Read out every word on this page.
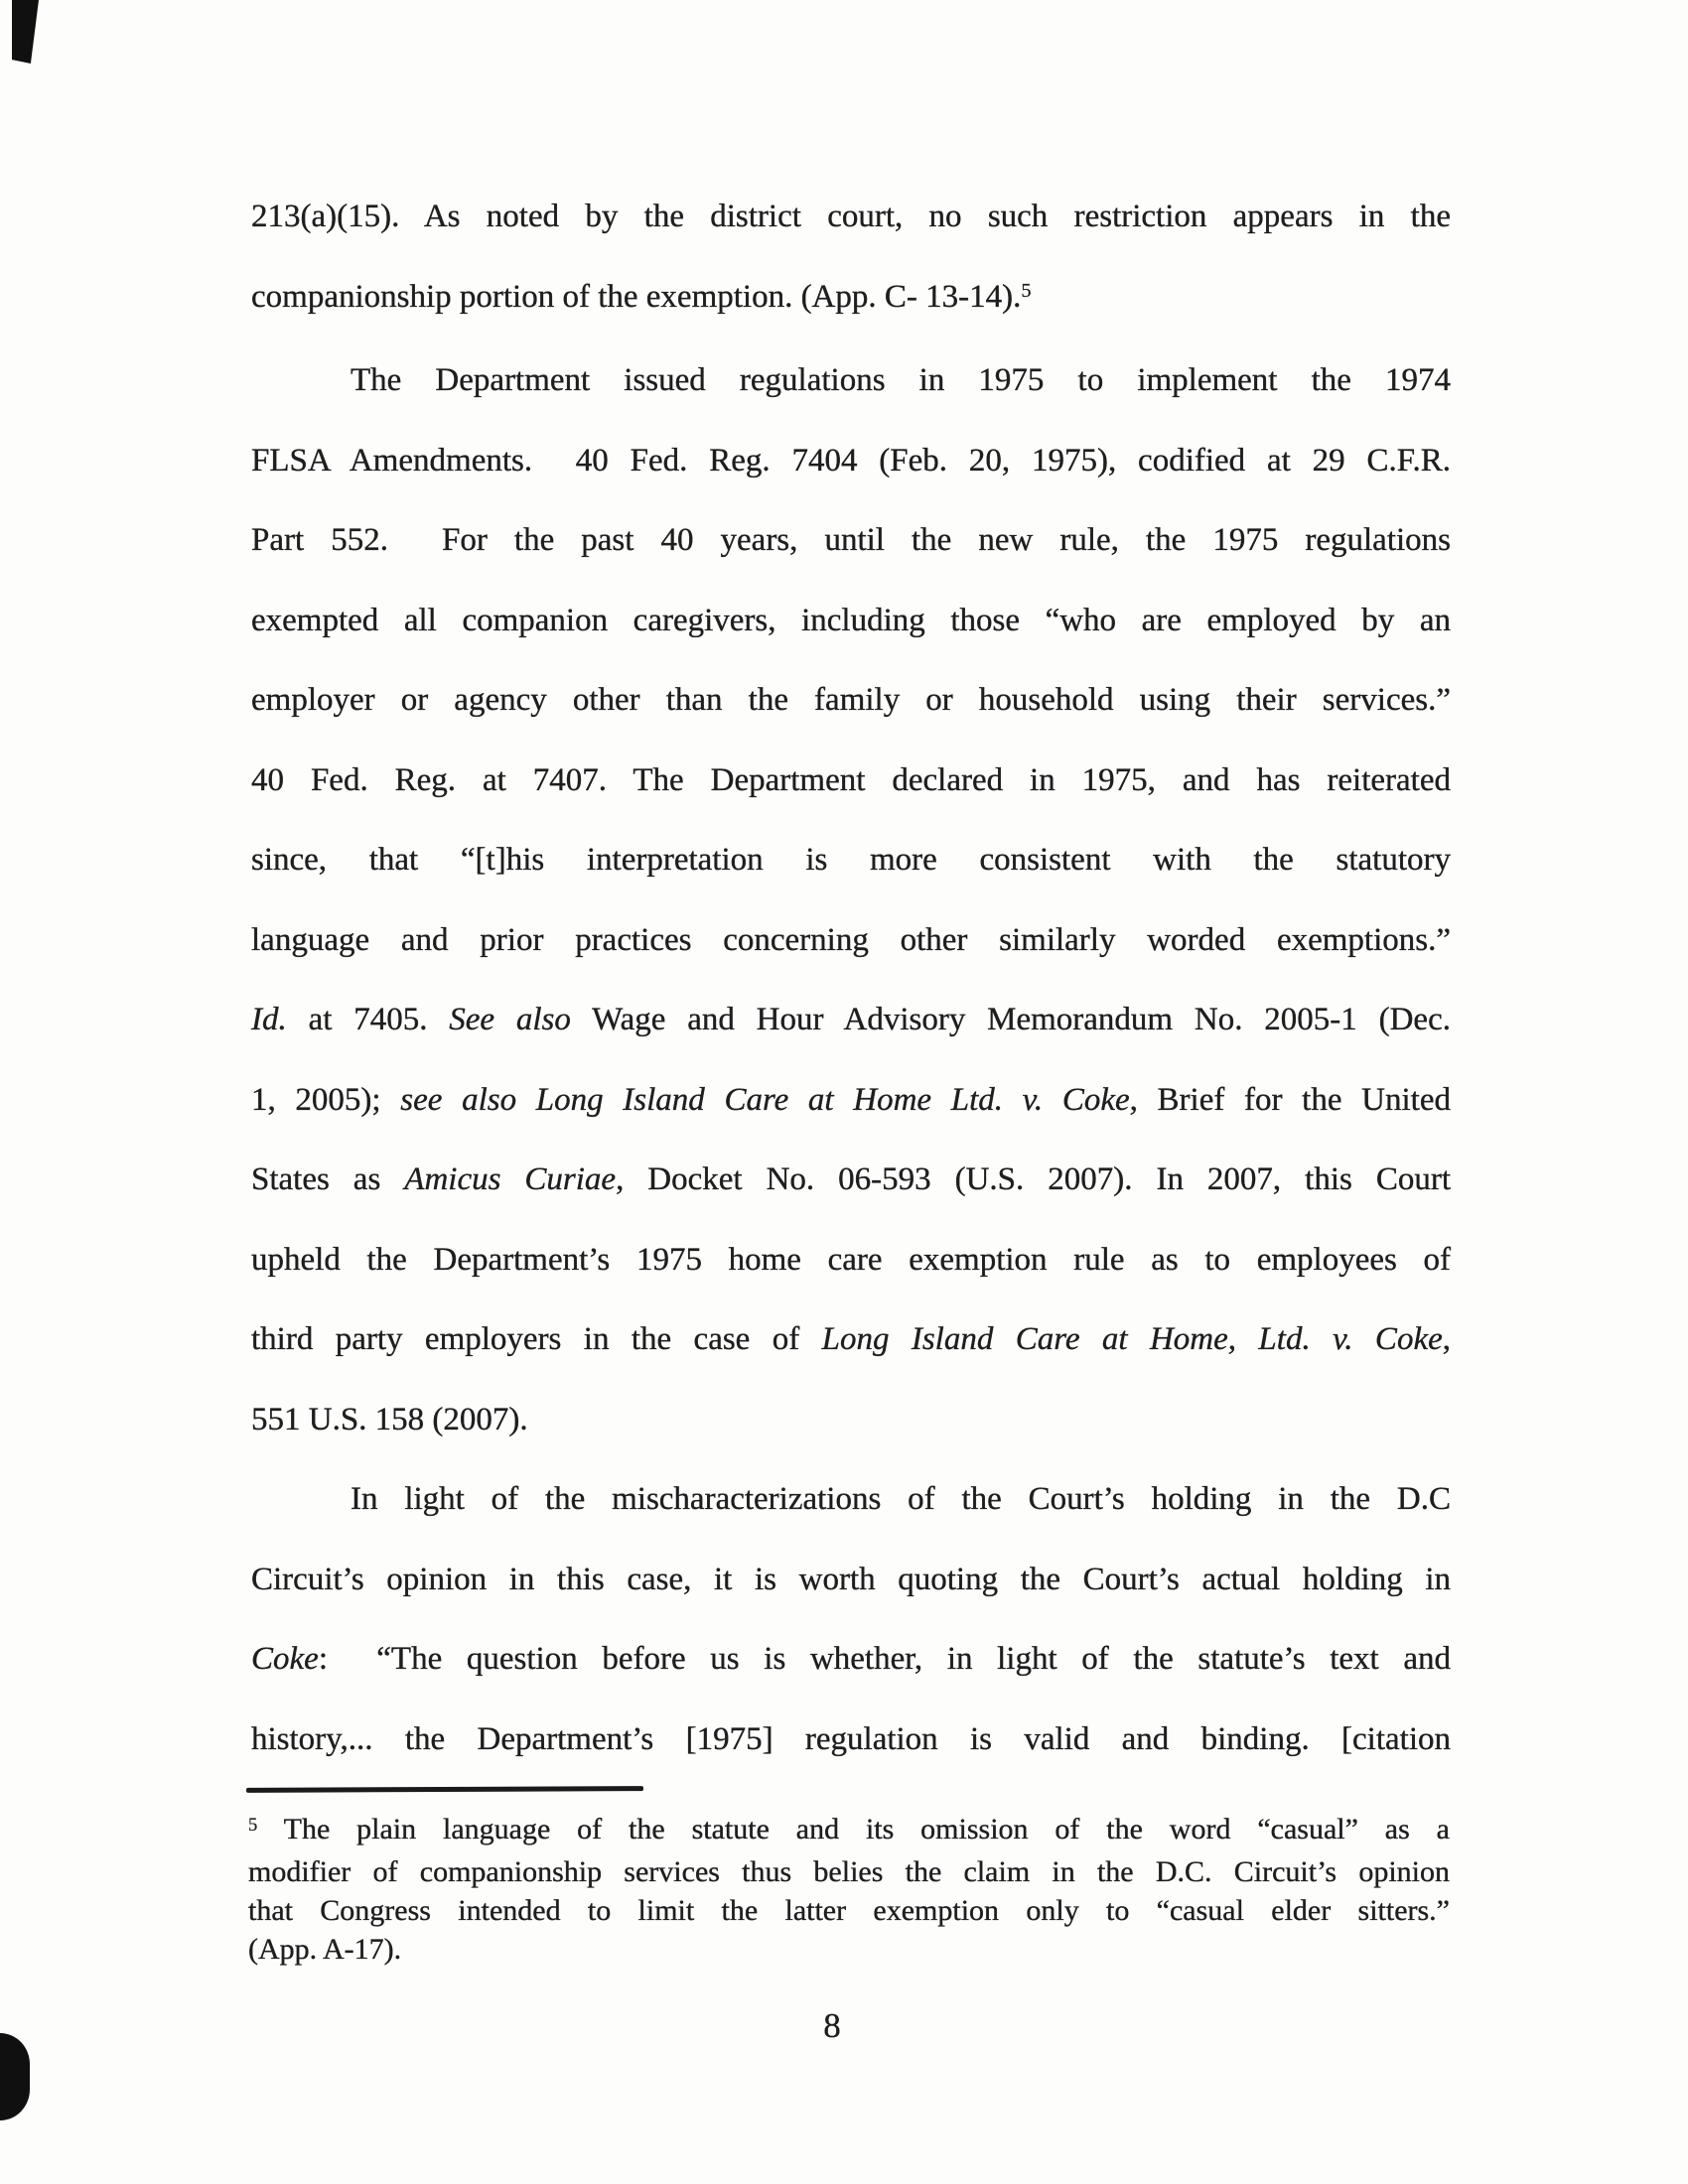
213(a)(15). As noted by the district court, no such restriction appears in the
companionship portion of the exemption. (App. C- 13-14).$^5$
The Department issued regulations in 1975 to implement the 1974
FLSA Amendments.  40 Fed. Reg. 7404 (Feb. 20, 1975), codified at 29 C.F.R.
Part 552.  For the past 40 years, until the new rule, the 1975 regulations
exempted all companion caregivers, including those “who are employed by an
employer or agency other than the family or household using their services.”
40 Fed. Reg. at 7407. The Department declared in 1975, and has reiterated
since, that “[t]his interpretation is more consistent with the statutory
language and prior practices concerning other similarly worded exemptions.”
Id. at 7405. See also Wage and Hour Advisory Memorandum No. 2005-1 (Dec.
1, 2005); see also Long Island Care at Home Ltd. v. Coke, Brief for the United
States as Amicus Curiae, Docket No. 06-593 (U.S. 2007). In 2007, this Court
upheld the Department’s 1975 home care exemption rule as to employees of
third party employers in the case of Long Island Care at Home, Ltd. v. Coke,
551 U.S. 158 (2007).
In light of the mischaracterizations of the Court’s holding in the D.C
Circuit’s opinion in this case, it is worth quoting the Court’s actual holding in
Coke:  “The question before us is whether, in light of the statute’s text and
history,... the Department’s [1975] regulation is valid and binding. [citation
$^5$ The plain language of the statute and its omission of the word “casual” as a
modifier of companionship services thus belies the claim in the D.C. Circuit’s opinion
that Congress intended to limit the latter exemption only to “casual elder sitters.”
(App. A-17).
8
